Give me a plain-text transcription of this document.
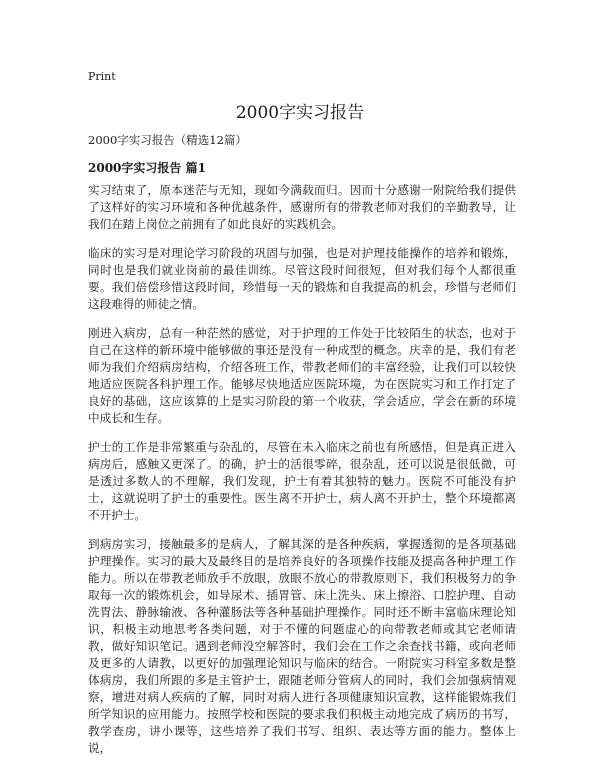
Print
2000字实习报告

2000字实习报告（精选12篇）

2000字实习报告 篇1

实习结束了，原本迷茫与无知，现如今满载而归。因而十分感谢一附院给我们提供了这样好的实习环境和各种优越条件，感谢所有的带教老师对我们的辛勤教导，让我们在踏上岗位之前拥有了如此良好的实践机会。

临床的实习是对理论学习阶段的巩固与加强，也是对护理技能操作的培养和锻炼，同时也是我们就业岗前的最佳训练。尽管这段时间很短，但对我们每个人都很重要。我们倍偿珍惜这段时间，珍惜每一天的锻炼和自我提高的机会，珍惜与老师们这段难得的师徒之情。

刚进入病房，总有一种茫然的感觉，对于护理的工作处于比较陌生的状态，也对于自己在这样的新环境中能够做的事还是没有一种成型的概念。庆幸的是，我们有老师为我们介绍病房结构，介绍各班工作，带教老师们的丰富经验，让我们可以较快地适应医院各科护理工作。能够尽快地适应医院环境，为在医院实习和工作打定了良好的基础，这应该算的上是实习阶段的第一个收获，学会适应，学会在新的环境中成长和生存。

护士的工作是非常繁重与杂乱的，尽管在未入临床之前也有所感悟，但是真正进入病房后，感触又更深了。的确，护士的活很零碎，很杂乱，还可以说是很低微，可是透过多数人的不理解，我们发现，护士有着其独特的魅力。医院不可能没有护士，这就说明了护士的重要性。医生离不开护士，病人离不开护士，整个环境都离不开护士。

到病房实习，接触最多的是病人，了解其深的是各种疾病，掌握透彻的是各项基础护理操作。实习的最大及最终目的是培养良好的各项操作技能及提高各种护理工作能力。所以在带教老师放手不放眼，放眼不放心的带教原则下，我们积极努力的争取每一次的锻炼机会，如导尿术、插胃管、床上洗头、床上擦浴、口腔护理、自动洗胃法、静脉输液、各种灌肠法等各种基础护理操作。同时还不断丰富临床理论知识，积极主动地思考各类问题，对于不懂的问题虚心的向带教老师或其它老师请教，做好知识笔记。遇到老师没空解答时，我们会在工作之余查找书籍，或向老师及更多的人请教，以更好的加强理论知识与临床的结合。一附院实习科室多数是整体病房，我们所跟的多是主管护士，跟随老师分管病人的同时，我们会加强病情观察，增进对病人疾病的了解，同时对病人进行各项健康知识宣教，这样能锻炼我们所学知识的应用能力。按照学校和医院的要求我们积极主动地完成了病历的书写，教学查房，讲小课等，这些培养了我们书写、组织、表达等方面的能力。整体上说，
